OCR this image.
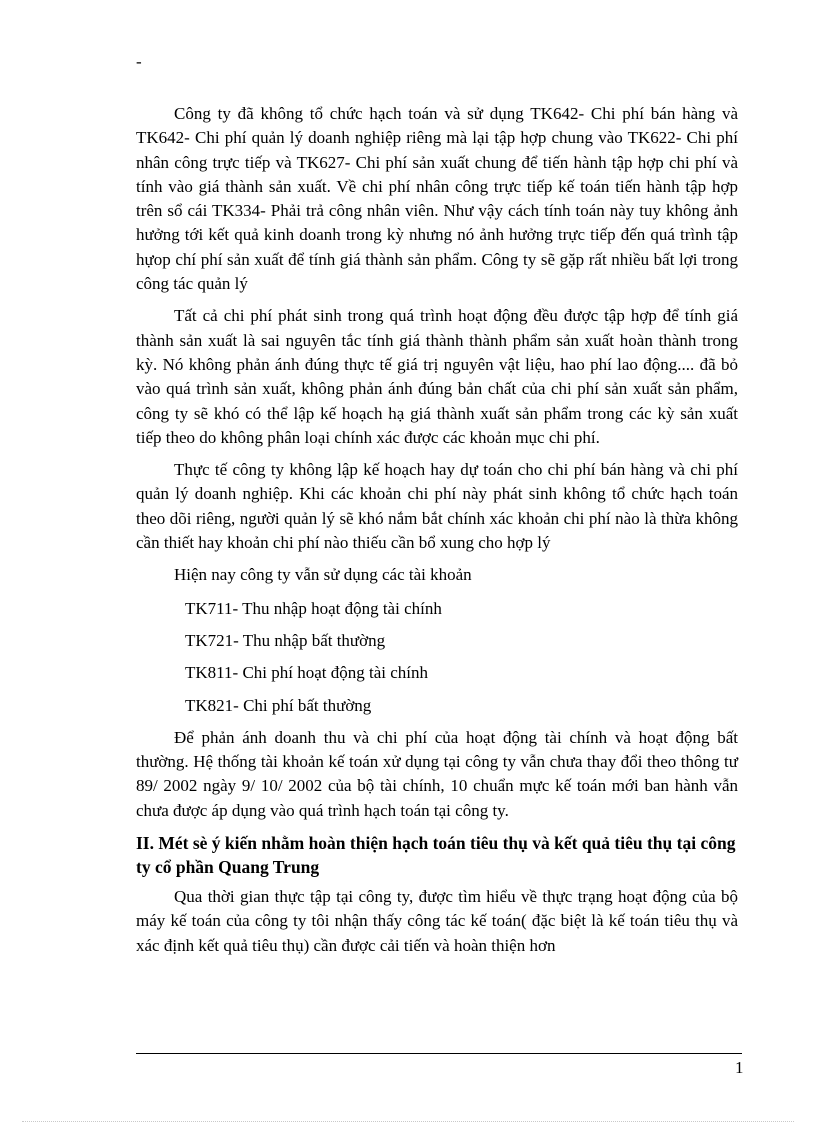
-

Công ty đã không tổ chức hạch toán và sử dụng TK642- Chi phí bán hàng và TK642- Chi phí quản lý doanh nghiệp riêng mà lại tập hợp chung vào TK622- Chi phí nhân công trực tiếp và TK627- Chi phí sản xuất chung để tiến hành tập hợp chi phí và tính vào giá thành sản xuất. Về chi phí nhân công trực tiếp kế toán tiến hành tập hợp trên sổ cái TK334- Phải trả công nhân viên. Như vậy cách tính toán này tuy không ảnh hưởng tới kết quả kinh doanh trong kỳ nhưng nó ảnh hưởng trực tiếp đến quá trình tập hựop chí phí sản xuất để tính giá thành sản phẩm. Công ty sẽ gặp rất nhiều bất lợi trong công tác quản lý

Tất cả chi phí phát sinh trong quá trình hoạt động đều được tập hợp để tính giá thành sản xuất là sai nguyên tắc tính giá thành thành phẩm sản xuất hoàn thành trong kỳ. Nó không phản ánh đúng thực tế giá trị nguyên vật liệu, hao phí lao động.... đã bỏ vào quá trình sản xuất, không phản ánh đúng bản chất của chi phí sản xuất sản phẩm, công ty sẽ khó có thể lập kế hoạch hạ giá thành xuất sản phẩm trong các kỳ sản xuất tiếp theo do không phân loại chính xác được các khoản mục chi phí.

Thực tế công ty không lập kế hoạch hay dự toán cho chi phí bán hàng và chi phí quản lý doanh nghiệp. Khi các khoản chi phí này phát sinh không tổ chức hạch toán theo dõi riêng, người quản lý sẽ khó nắm bắt chính xác khoản chi phí nào là thừa không cần thiết hay khoản chi phí nào thiếu cần bổ xung cho hợp lý

Hiện nay công ty vẫn sử dụng các tài khoản

TK711- Thu nhập hoạt động tài chính
TK721- Thu nhập bất thường
TK811- Chi phí hoạt động tài chính
TK821- Chi phí bất thường

Để phản ánh doanh thu và chi phí của hoạt động tài chính và hoạt động bất thường. Hệ thống tài khoản kế toán xử dụng tại công ty vẫn chưa thay đổi theo thông tư 89/ 2002 ngày 9/ 10/ 2002 của bộ tài chính, 10 chuẩn mực kế toán mới ban hành vẫn chưa được áp dụng vào quá trình hạch toán tại công ty.

II. Mét sè ý kiến nhằm hoàn thiện hạch toán tiêu thụ và kết quả tiêu thụ tại công ty cổ phần Quang Trung

Qua thời gian thực tập tại công ty, được tìm hiểu về thực trạng hoạt động của bộ máy kế toán của công ty tôi nhận thấy công tác kế toán( đặc biệt là kế toán tiêu thụ và xác định kết quả tiêu thụ) cần được cải tiến và hoàn thiện hơn

1
